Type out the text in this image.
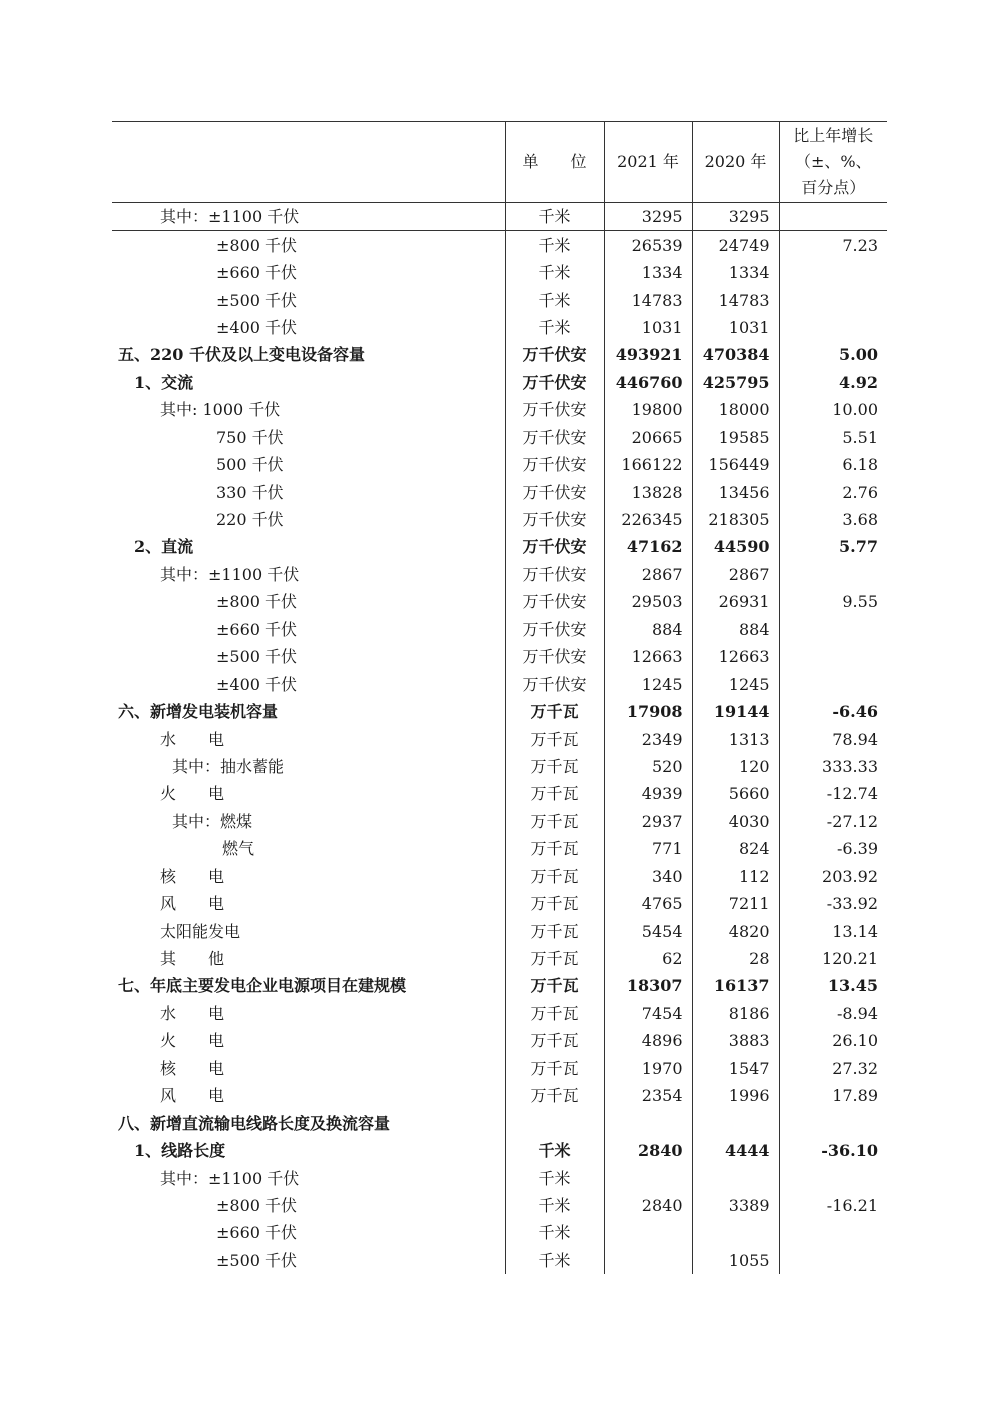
	单　　位	2021 年	2020 年	比上年增长
（±、%、
百分点）

其中：±1100 千伏	千米	3295	3295	
±800 千伏	千米	26539	24749	7.23
±660 千伏	千米	1334	1334	
±500 千伏	千米	14783	14783	
±400 千伏	千米	1031	1031	
五、220 千伏及以上变电设备容量	万千伏安	493921	470384	5.00
1、交流	万千伏安	446760	425795	4.92
其中: 1000 千伏	万千伏安	19800	18000	10.00
750 千伏	万千伏安	20665	19585	5.51
500 千伏	万千伏安	166122	156449	6.18
330 千伏	万千伏安	13828	13456	2.76
220 千伏	万千伏安	226345	218305	3.68
2、直流	万千伏安	47162	44590	5.77
其中：±1100 千伏	万千伏安	2867	2867	
±800 千伏	万千伏安	29503	26931	9.55
±660 千伏	万千伏安	884	884	
±500 千伏	万千伏安	12663	12663	
±400 千伏	万千伏安	1245	1245	
六、新增发电装机容量	万千瓦	17908	19144	-6.46
水　　电	万千瓦	2349	1313	78.94
其中：抽水蓄能	万千瓦	520	120	333.33
火　　电	万千瓦	4939	5660	-12.74
其中：燃煤	万千瓦	2937	4030	-27.12
燃气	万千瓦	771	824	-6.39
核　　电	万千瓦	340	112	203.92
风　　电	万千瓦	4765	7211	-33.92
太阳能发电	万千瓦	5454	4820	13.14
其　　他	万千瓦	62	28	120.21
七、年底主要发电企业电源项目在建规模	万千瓦	18307	16137	13.45
水　　电	万千瓦	7454	8186	-8.94
火　　电	万千瓦	4896	3883	26.10
核　　电	万千瓦	1970	1547	27.32
风　　电	万千瓦	2354	1996	17.89
八、新增直流输电线路长度及换流容量				
1、线路长度	千米	2840	4444	-36.10
其中：±1100 千伏	千米			
±800 千伏	千米	2840	3389	-16.21
±660 千伏	千米			
±500 千伏	千米		1055	
